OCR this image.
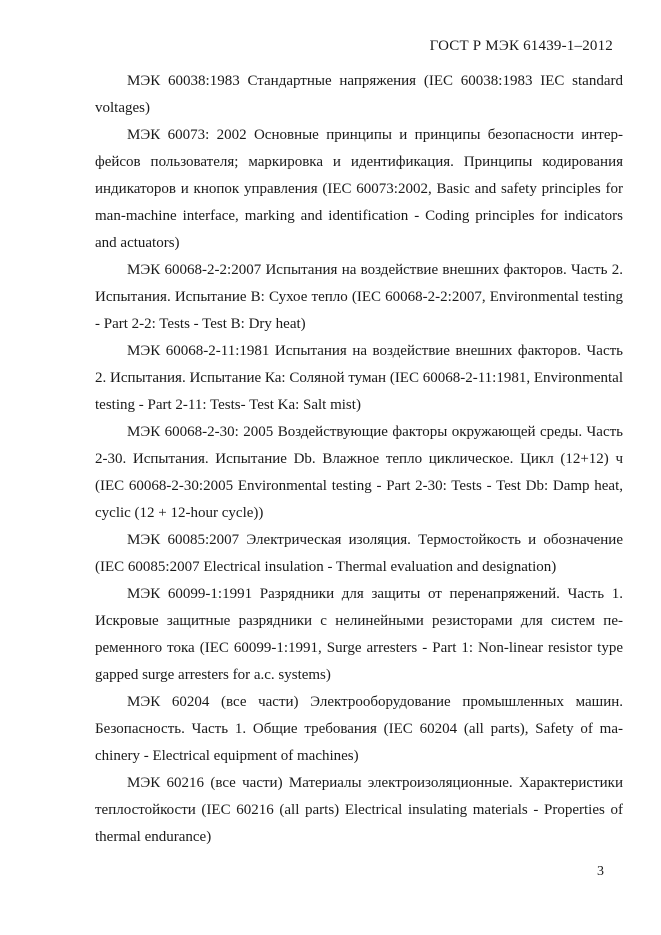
ГОСТ Р МЭК 61439-1–2012

МЭК 60038:1983 Стандартные напряжения (IEC 60038:1983 IEC standard voltages)

МЭК 60073: 2002 Основные принципы и принципы безопасности интерфейсов пользователя; маркировка и идентификация. Принципы кодирования индикаторов и кнопок управления (IEC 60073:2002, Basic and safety principles for man-machine interface, marking and identification - Coding principles for indicators and actuators)

МЭК 60068-2-2:2007 Испытания на воздействие внешних факторов. Часть 2. Испытания. Испытание В: Сухое тепло (IEC 60068-2-2:2007, Environmental testing - Part 2-2: Tests - Test B: Dry heat)

МЭК 60068-2-11:1981 Испытания на воздействие внешних факторов. Часть 2. Испытания. Испытание Ка: Соляной туман (IEC 60068-2-11:1981, Environmental testing - Part 2-11: Tests- Test Ka: Salt mist)

МЭК 60068-2-30: 2005 Воздействующие факторы окружающей среды. Часть 2-30. Испытания. Испытание Db. Влажное тепло циклическое. Цикл (12+12) ч (IEC 60068-2-30:2005 Environmental testing - Part 2-30: Tests - Test Db: Damp heat, cyclic (12 + 12-hour cycle))

МЭК 60085:2007 Электрическая изоляция. Термостойкость и обозначение (IEC 60085:2007 Electrical insulation - Thermal evaluation and designation)

МЭК 60099-1:1991 Разрядники для защиты от перенапряжений. Часть 1. Искровые защитные разрядники с нелинейными резисторами для систем переменного тока (IEC 60099-1:1991, Surge arresters - Part 1: Non-linear resistor type gapped surge arresters for a.c. systems)

МЭК 60204 (все части) Электрооборудование промышленных машин. Безопасность. Часть 1. Общие требования (IEC 60204 (all parts), Safety of machinery - Electrical equipment of machines)

МЭК 60216 (все части) Материалы электроизоляционные. Характеристики теплостойкости (IEC 60216 (all parts) Electrical insulating materials - Properties of thermal endurance)

3
